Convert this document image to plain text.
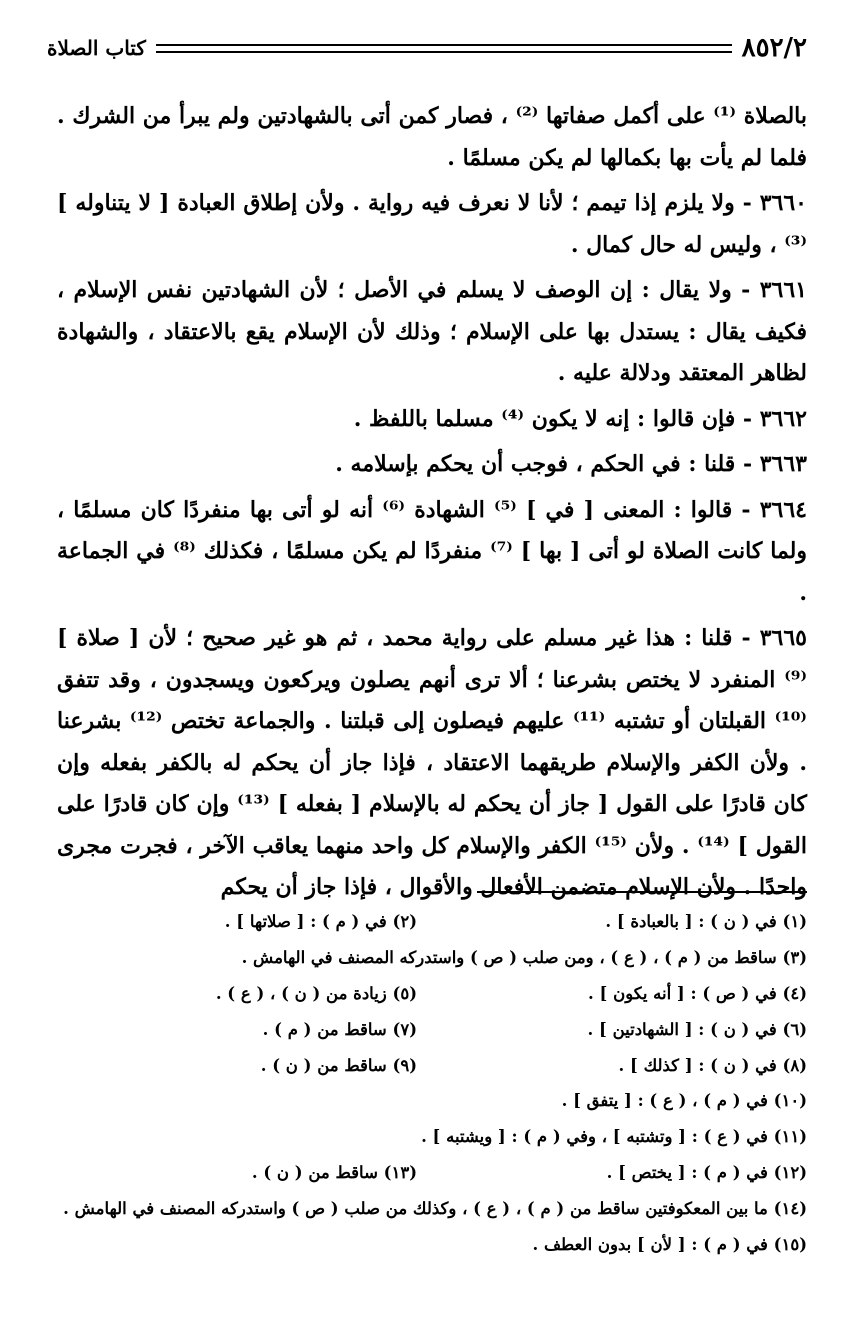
٨٥٢/٢
كتاب الصلاة

بالصلاة ⁽¹⁾ على أكمل صفاتها ⁽²⁾ ، فصار كمن أتى بالشهادتين ولم يبرأ من الشرك . فلما لم يأت بها بكمالها لم يكن مسلمًا .

٣٦٦٠ - ولا يلزم إذا تيمم ؛ لأنا لا نعرف فيه رواية . ولأن إطلاق العبادة [ لا يتناوله ] ⁽³⁾ ، وليس له حال كمال .

٣٦٦١ - ولا يقال : إن الوصف لا يسلم في الأصل ؛ لأن الشهادتين نفس الإسلام ، فكيف يقال : يستدل بها على الإسلام ؛ وذلك لأن الإسلام يقع بالاعتقاد ، والشهادة لظاهر المعتقد ودلالة عليه .

٣٦٦٢ - فإن قالوا : إنه لا يكون ⁽⁴⁾ مسلما باللفظ .

٣٦٦٣ - قلنا : في الحكم ، فوجب أن يحكم بإسلامه .

٣٦٦٤ - قالوا : المعنى [ في ] ⁽⁵⁾ الشهادة ⁽⁶⁾ أنه لو أتى بها منفردًا كان مسلمًا ، ولما كانت الصلاة لو أتى [ بها ] ⁽⁷⁾ منفردًا لم يكن مسلمًا ، فكذلك ⁽⁸⁾ في الجماعة .

٣٦٦٥ - قلنا : هذا غير مسلم على رواية محمد ، ثم هو غير صحيح ؛ لأن [ صلاة ] ⁽⁹⁾ المنفرد لا يختص بشرعنا ؛ ألا ترى أنهم يصلون ويركعون ويسجدون ، وقد تتفق ⁽¹⁰⁾ القبلتان أو تشتبه ⁽¹¹⁾ عليهم فيصلون إلى قبلتنا . والجماعة تختص ⁽¹²⁾ بشرعنا . ولأن الكفر والإسلام طريقهما الاعتقاد ، فإذا جاز أن يحكم له بالكفر بفعله وإن كان قادرًا على القول [ جاز أن يحكم له بالإسلام [ بفعله ] ⁽¹³⁾ وإن كان قادرًا على القول ] ⁽¹⁴⁾ . ولأن ⁽¹⁵⁾ الكفر والإسلام كل واحد منهما يعاقب الآخر ، فجرت مجرى واحدًا . ولأن الإسلام متضمن الأفعال والأقوال ، فإذا جاز أن يحكم

(١) في ( ن ) : [ بالعبادة ] .
(٢) في ( م ) : [ صلاتها ] .
(٣) ساقط من ( م ) ، ( ع ) ، ومن صلب ( ص ) واستدركه المصنف في الهامش .
(٤) في ( ص ) : [ أنه يكون ] .
(٥) زيادة من ( ن ) ، ( ع ) .
(٦) في ( ن ) : [ الشهادتين ] .
(٧) ساقط من ( م ) .
(٨) في ( ن ) : [ كذلك ] .
(٩) ساقط من ( ن ) .
(١٠) في ( م ) ، ( ع ) : [ يتفق ] .
(١١) في ( ع ) : [ وتشتبه ] ، وفي ( م ) : [ ويشتبه ] .
(١٢) في ( م ) : [ يختص ] .
(١٣) ساقط من ( ن ) .
(١٤) ما بين المعكوفتين ساقط من ( م ) ، ( ع ) ، وكذلك من صلب ( ص ) واستدركه المصنف في الهامش .
(١٥) في ( م ) : [ لأن ] بدون العطف .
